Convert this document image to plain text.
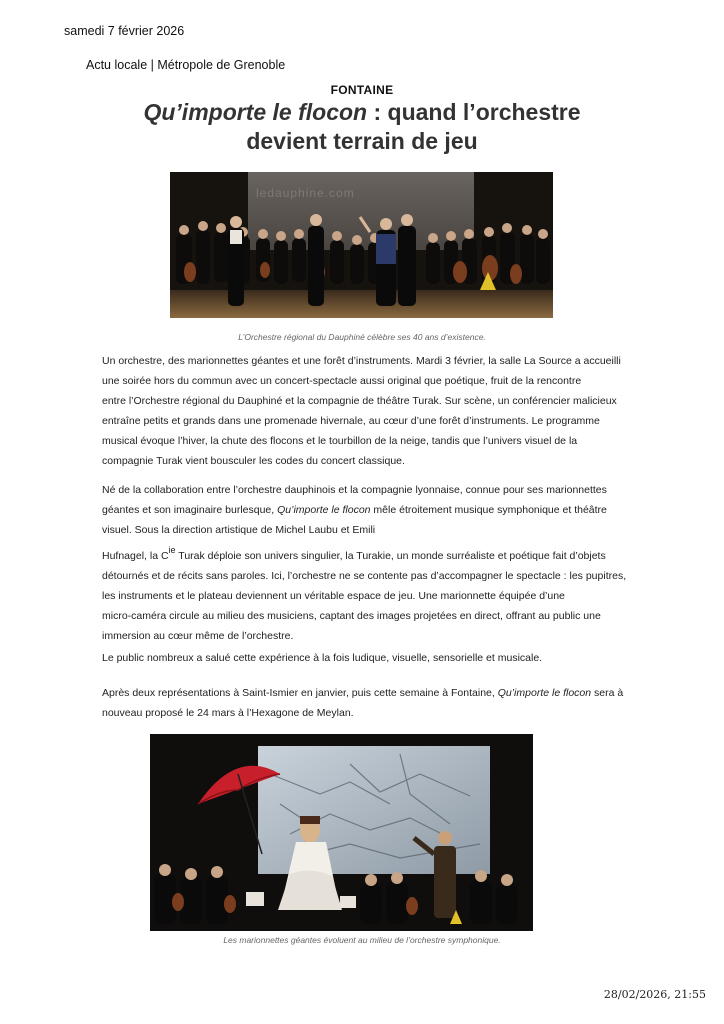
samedi 7 février 2026
Actu locale | Métropole de Grenoble
FONTAINE
Qu’importe le flocon : quand l’orchestre
devient terrain de jeu
ledauphine.com
L’Orchestre régional du Dauphiné célèbre ses 40 ans d’existence.
Un orchestre, des marionnettes géantes et une forêt d’instruments. Mardi 3 février, la salle La Source a accueilli
une soirée hors du commun avec un concert-spectacle aussi original que poétique, fruit de la rencontre
entre l’Orchestre régional du Dauphiné et la compagnie de théâtre Turak. Sur scène, un conférencier malicieux
entraîne petits et grands dans une promenade hivernale, au cœur d’une forêt d’instruments. Le programme
musical évoque l’hiver, la chute des flocons et le tourbillon de la neige, tandis que l’univers visuel de la
compagnie Turak vient bousculer les codes du concert classique.
Né de la collaboration entre l’orchestre dauphinois et la compagnie lyonnaise, connue pour ses marionnettes
géantes et son imaginaire burlesque, Qu’importe le flocon mêle étroitement musique symphonique et théâtre
visuel. Sous la direction artistique de Michel Laubu et Emili
Hufnagel, la $C^{ie}$ Turak déploie son univers singulier, la Turakie, un monde surréaliste et poétique fait d’objets
détournés et de récits sans paroles. Ici, l’orchestre ne se contente pas d’accompagner le spectacle : les pupitres,
les instruments et le plateau deviennent un véritable espace de jeu. Une marionnette équipée d’une
micro-caméra circule au milieu des musiciens, captant des images projetées en direct, offrant au public une
immersion au cœur même de l’orchestre.
Le public nombreux a salué cette expérience à la fois ludique, visuelle, sensorielle et musicale.
Après deux représentations à Saint-Ismier en janvier, puis cette semaine à Fontaine, Qu’importe le flocon sera à
nouveau proposé le 24 mars à l’Hexagone de Meylan.
Les marionnettes géantes évoluent au milieu de l’orchestre symphonique.
28/02/2026, 21:55
